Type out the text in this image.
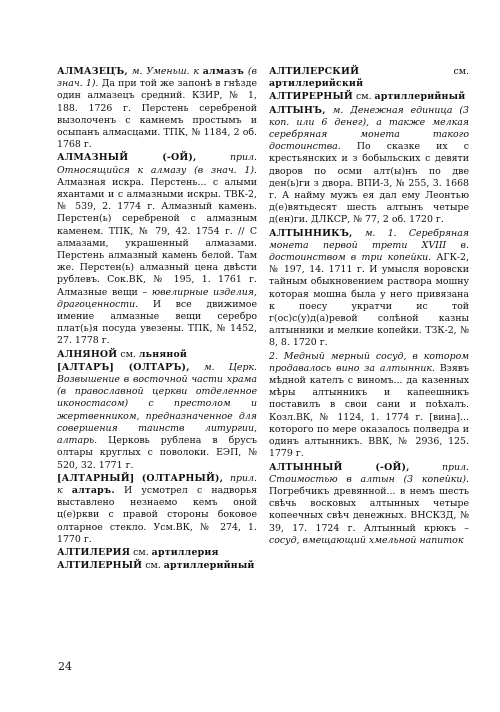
АЛМАЗЕЦЪ, м. Уменьш. к алмазъ (в знач. 1). Да при той же запонѣ в гнѣзде один алмазецъ средний. КЗИР, № 1, 188. 1726 г. Перстень серебреной вызолоченъ с камнемъ простымъ и осыпанъ алмасцами. ТПК, № 1184, 2 об. 1768 г.

АЛМАЗНЫЙ (-ОЙ),	прил. Относящийся к алмазу (в знач. 1). Алмазная искра. Перстень... с алыми яхантами и с алмазными искры. ТВК-2, № 539, 2. 1774 г. Алмазный камень. Перстен(ь) серебреной с алмазным каменем. ТПК, № 79, 42. 1754 г. // С алмазами, украшенный алмазами. Перстень алмазный камень белой. Там же. Перстен(ь) алмазный цена двѣсти рублевъ. Сок.ВК, № 195, 1. 1761 г. Алмазные вещи – ювелирные изделия, драгоценности. И все движимое имение алмазные вещи серебро плат(ь)я посуда увезены. ТПК, № 1452, 27. 1778 г.

АЛНЯНОЙ см. льняной

[АЛТАРЪ] (ОЛТАРЪ), м. Церк. Возвышение в восточной части храма (в православной церкви отделенное иконостасом) с престолом и жертвенником, предназначенное для совершения таинств литургии, алтарь. Церковь рублена в брусъ олтары круглых с поволоки. ЕЭП, № 520, 32. 1771 г.

[АЛТАРНЫЙ] (ОЛТАРНЫЙ), прил. к алтаръ. И усмотрел с надворья выставлено незнаемо кемъ оной ц(е)ркви с правой стороны боковое олтарное стекло. Усм.ВК, № 274, 1. 1770 г.

АЛТИЛЕРИЯ см. артиллерия

АЛТИЛЕРНЫЙ см. артиллерийный

АЛТИЛЕРСКИЙ	см. артиллерийский

АЛТИРЕРНЫЙ см. артиллерийный

АЛТЫНЪ, м. Денежная единица (3 коп. или 6 денег), а также мелкая серебряная монета такого достоинства. По сказке их с крестьянских и з бобыльских с девяти дворов по осми алт(ы)нъ по две ден(ь)ги з двора. ВПИ-3, № 255, 3. 1668 г. А найму мужъ ея дал ему Леонтью д(е)вятьдесят шесть алтынъ четыре д(ен)ги. ДЛКСР, № 77, 2 об. 1720 г.

АЛТЫННИКЪ, м. 1. Серебряная монета первой трети XVIII в. достоинством в три копейки. АГК-2, № 197, 14. 1711 г. И умысля воровски тайным обыкновением раствора мошну которая мошна была у него привязана к поесу укратчи ис той г(ос)с(у)д(а)ревой солѣной казны алтынники и мелкие копейки. ТЗК-2, № 8, 8. 1720 г.

2. Медный мерный сосуд, в котором продавалось вино за алтынник. Взявъ мѣдной кателъ с виномъ... да казенных мѣры алтынникъ и капеешникъ поставилъ в свои сани и поѣхалъ. Козл.ВК, № 1124, 1. 1774 г. [вина]... которого по мере оказалось полведра и одинъ алтынникъ. ВВК, № 2936, 125. 1779 г.

АЛТЫННЫЙ (-ОЙ),	прил. Стоимостью в алтын (3 копейки). Погребчикъ древянной... в немъ шесть свѣчь восковых алтынных четыре копеечных свѣч денежных. ВНСКЗД, № 39, 17. 1724 г. Алтынный крюкъ – сосуд, вмещающий хмельной напиток

24
